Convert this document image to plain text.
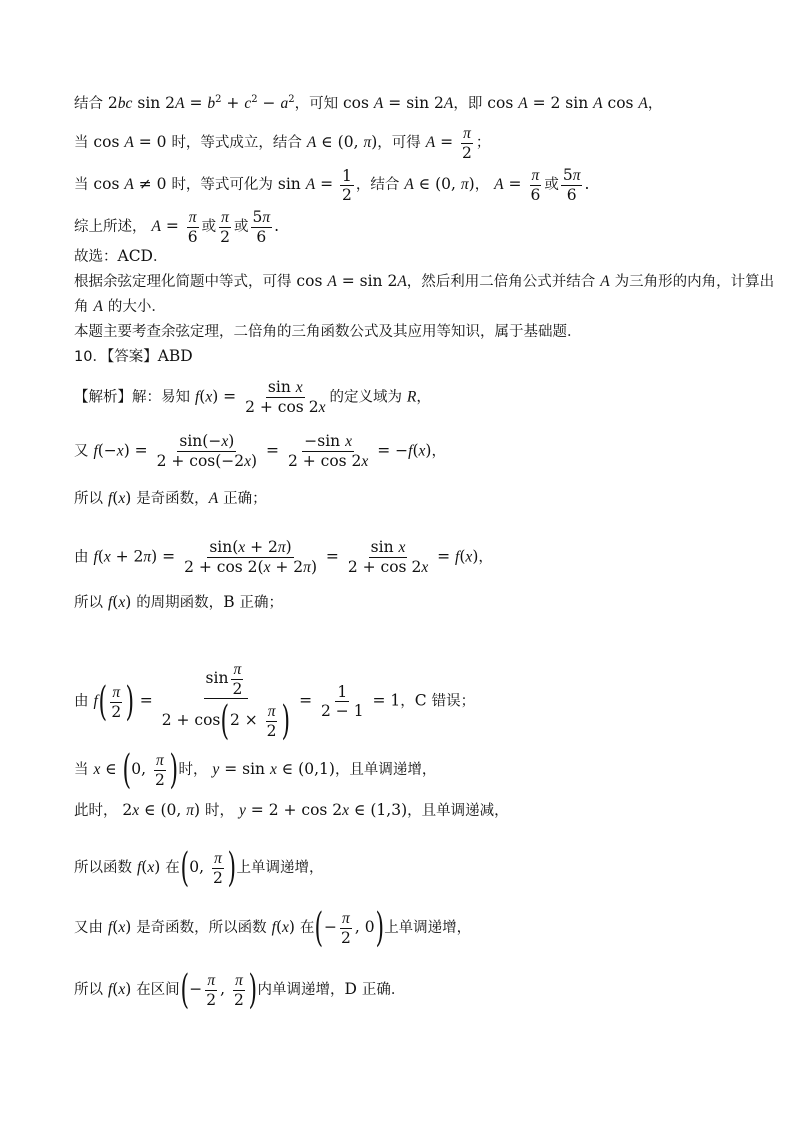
结合 2bc $\sin 2A = b^2 + c^2 - a^2$，可知 cos A = sin 2A，即 cos A = 2 sin A cos A，
当 cos A = 0 时，等式成立，结合 A ∈ (0, π)，可得 $A = \frac{\pi}{2}$ ；
当 cos A ≠ 0 时，等式可化为 $\sin A = \frac{1}{2}$ ，结合 A ∈ (0, π)， $A = \frac{\pi}{6}$ 或 $\frac{5\pi}{6}$ .
综上所述， $A = \frac{\pi}{6}$ 或 $\frac{\pi}{2}$ 或 $\frac{5\pi}{6}$ .
故选：ACD．
根据余弦定理化简题中等式，可得 cos A = sin 2A，然后利用二倍角公式并结合 A 为三角形的内角，计算出
角 A 的大小．
本题主要考查余弦定理，二倍角的三角函数公式及其应用等知识，属于基础题．
10．【答案】ABD
【解析】解：易知 $f(x) = \frac{\text{sin x}}{2 + \cos 2x}$ 的定义域为 R，
又 $f(-x) = \frac{\sin(-x)}{2 + \cos(-2x)} = \frac{\text{−sin x}}{2 + \cos 2x} = -f(x)$，
所以 f(x) 是奇函数，A 正确；
由 $f(x + 2\pi) = \frac{\sin(x + 2\pi)}{2 + \cos 2(x + 2\pi)} = \frac{\text{sin x}}{2 + \cos 2x} = f(x)$，
所以 f(x) 的周期函数，B 正确；
由 $f( \frac{\pi}{2}$ ) = $\frac{\sin \frac{\pi}{2}}{2 + \cos(2 \times \frac{\pi}{2} )} = \frac{1}{2 - 1} = 1$，C 错误；
当 x ∈ (0, $\frac{\pi}{2}$ )时， y = sin x ∈ (0,1)，且单调递增，
此时， 2x ∈ (0, π) 时， y = 2 + cos 2x ∈ (1,3)，且单调递减，
所以函数 f(x) 在(0, $\frac{\pi}{2}$ )上单调递增，
又由 f(x) 是奇函数，所以函数 f(x) 在(− $\frac{\pi}{2}$ , 0)上单调递增，
所以 f(x) 在区间(− $\frac{\pi}{2}$ , $\frac{\pi}{2}$ )内单调递增，D 正确．
